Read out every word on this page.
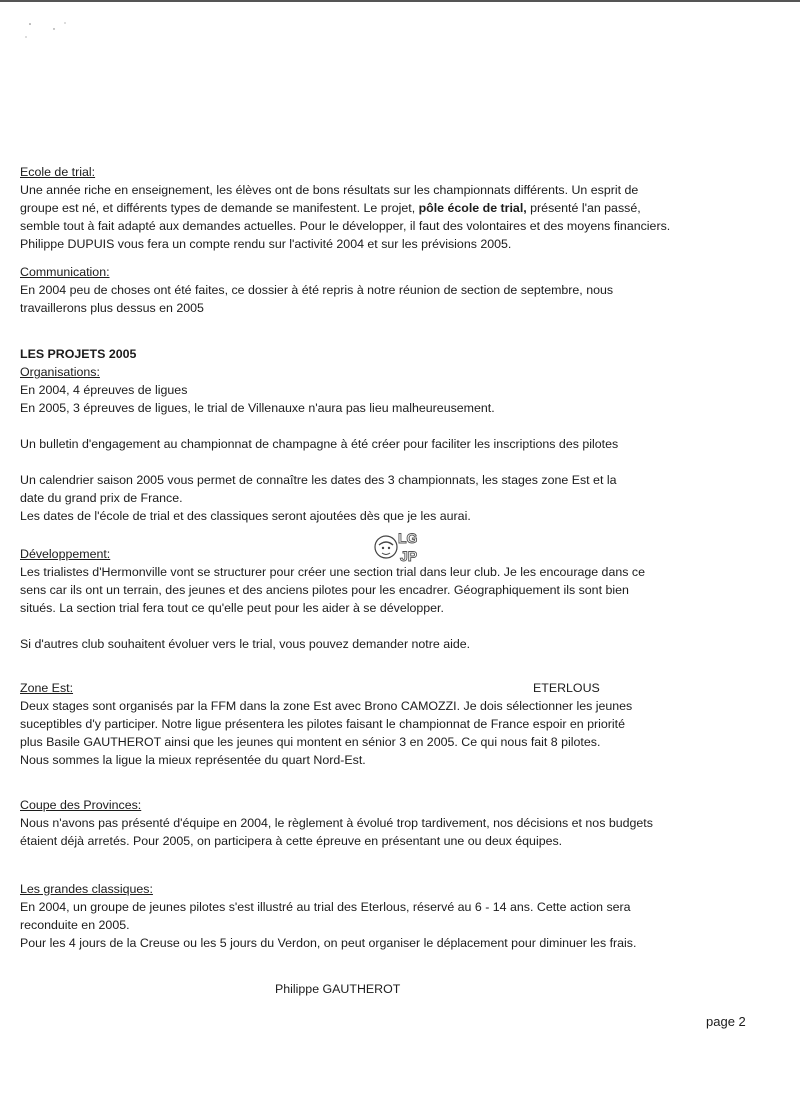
Ecole de trial:

Une année riche en enseignement, les élèves ont de bons résultats sur les championnats différents. Un esprit de

groupe est né, et différents types de demande se manifestent. Le projet, pôle école de trial, présenté l'an passé,

semble tout à fait adapté aux demandes actuelles. Pour le développer, il faut des volontaires et des moyens financiers.

Philippe DUPUIS vous fera un compte rendu sur l'activité 2004 et sur les prévisions 2005.

Communication:

En 2004 peu de choses ont été faites, ce dossier à été repris à notre réunion de section de septembre, nous

travaillerons plus dessus en 2005

LES PROJETS 2005
Organisations:

En 2004, 4 épreuves de ligues

En 2005, 3 épreuves de ligues, le trial de Villenauxe n'aura pas lieu malheureusement.

Un bulletin d'engagement au championnat de champagne à été créer pour faciliter les inscriptions des pilotes

Un calendrier saison 2005 vous permet de connaître les dates des 3 championnats, les stages zone Est et la

date du grand prix de France.

Les dates de l'école de trial et des classiques seront ajoutées dès que je les aurai.

LG
JP
Développement:

Les trialistes d'Hermonville vont se structurer pour créer une section trial dans leur club. Je les encourage dans ce

sens car ils ont un terrain, des jeunes et des anciens pilotes pour les encadrer. Géographiquement ils sont bien

situés. La section trial fera tout ce qu'elle peut pour les aider à se développer.

Si d'autres club souhaitent évoluer vers le trial, vous pouvez demander notre aide.

Zone Est:

Deux stages sont organisés par la FFM dans la zone Est avec Brono CAMOZZI. Je dois sélectionner les jeunes

suceptibles d'y participer. Notre ligue présentera les pilotes faisant le championnat de France espoir en priorité

plus Basile GAUTHEROT ainsi que les jeunes qui montent en sénior 3 en 2005. Ce qui nous fait 8 pilotes.

Nous sommes la ligue la mieux représentée du quart Nord-Est.

ETERLOUS
Coupe des Provinces:

Nous n'avons pas présenté d'équipe en 2004, le règlement à évolué trop tardivement, nos décisions et nos budgets

étaient déjà arretés. Pour 2005, on participera à cette épreuve en présentant une ou deux équipes.

Les grandes classiques:

En 2004, un groupe de jeunes pilotes s'est illustré au trial des Eterlous, réservé au 6 - 14 ans. Cette action sera

reconduite en 2005.

Pour les 4 jours de la Creuse ou les 5 jours du Verdon, on peut organiser le déplacement pour diminuer les frais.

Philippe GAUTHEROT
page 2
